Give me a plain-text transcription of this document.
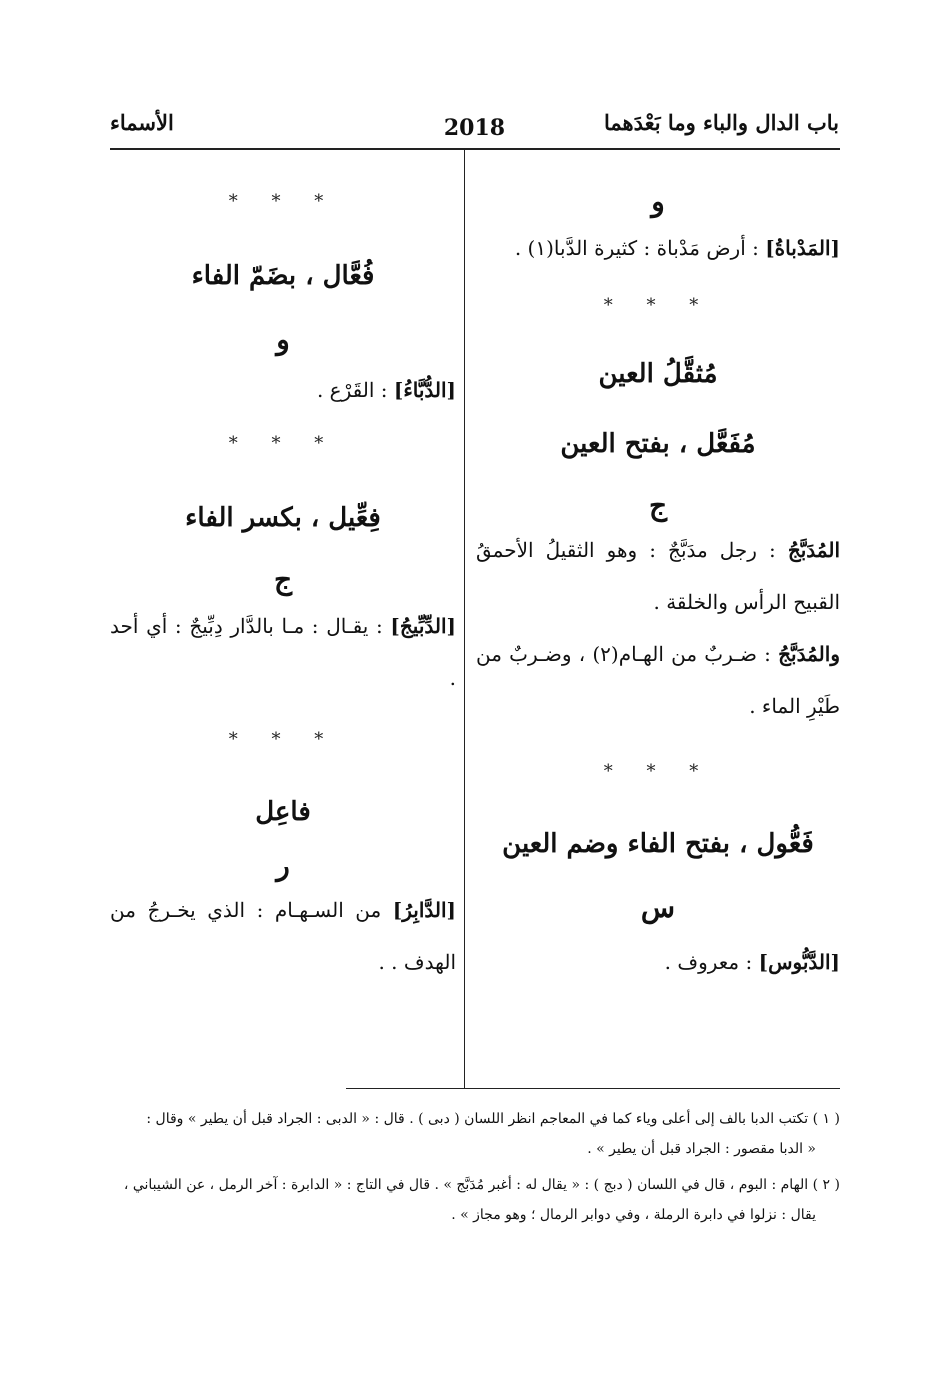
باب الدال والباء وما بَعْدَهما
2018
الأسماء
و
[المَدْباةُ] : أرض مَدْباة : كثيرة الدَّبا(١) .
* * *
مُثقَّلُ العين
مُفَعَّل ، بفتح العين
ج
المُدَبَّجُ : رجل مدَبَّجٌ : وهو الثقيلُ الأحمقُ القبيح الرأس والخلقة .
والمُدَبَّجُ : ضـربٌ من الهـام(٢) ، وضـربٌ من طَيْرِ الماء .
* * *
فَعُّول ، بفتح الفاء وضم العين
س
[الدَّبُّوس] : معروف .
* * *
فُعَّال ، بضَمّ الفاء
و
[الدُّبَّاءُ] : القَرْع .
* * *
فِعِّيل ، بكسر الفاء
ج
[الدِّبِّيجُ] : يقـال : مـا بالدَّار دِبِّيجٌ : أي أحد .
* * *
فاعِل
ر
[الدَّابِرُ] من السـهـام : الذي يخـرجُ من الهدف . .
( ١ ) تكتب الدبا بالف إلى أعلى وياء كما في المعاجم انظر اللسان ( دبى ) . قال : « الدبى : الجراد قبل أن يطير » وقال :
« الدبا مقصور : الجراد قبل أن يطير » .
( ٢ ) الهام : البوم ، قال في اللسان ( دبج ) : « يقال له : أغبر مُدَبَّج » . قال في التاج : « الدابرة : آخر الرمل ، عن الشيباني ،
يقال : نزلوا في دابرة الرملة ، وفي دوابر الرمال ؛ وهو مجاز » .
